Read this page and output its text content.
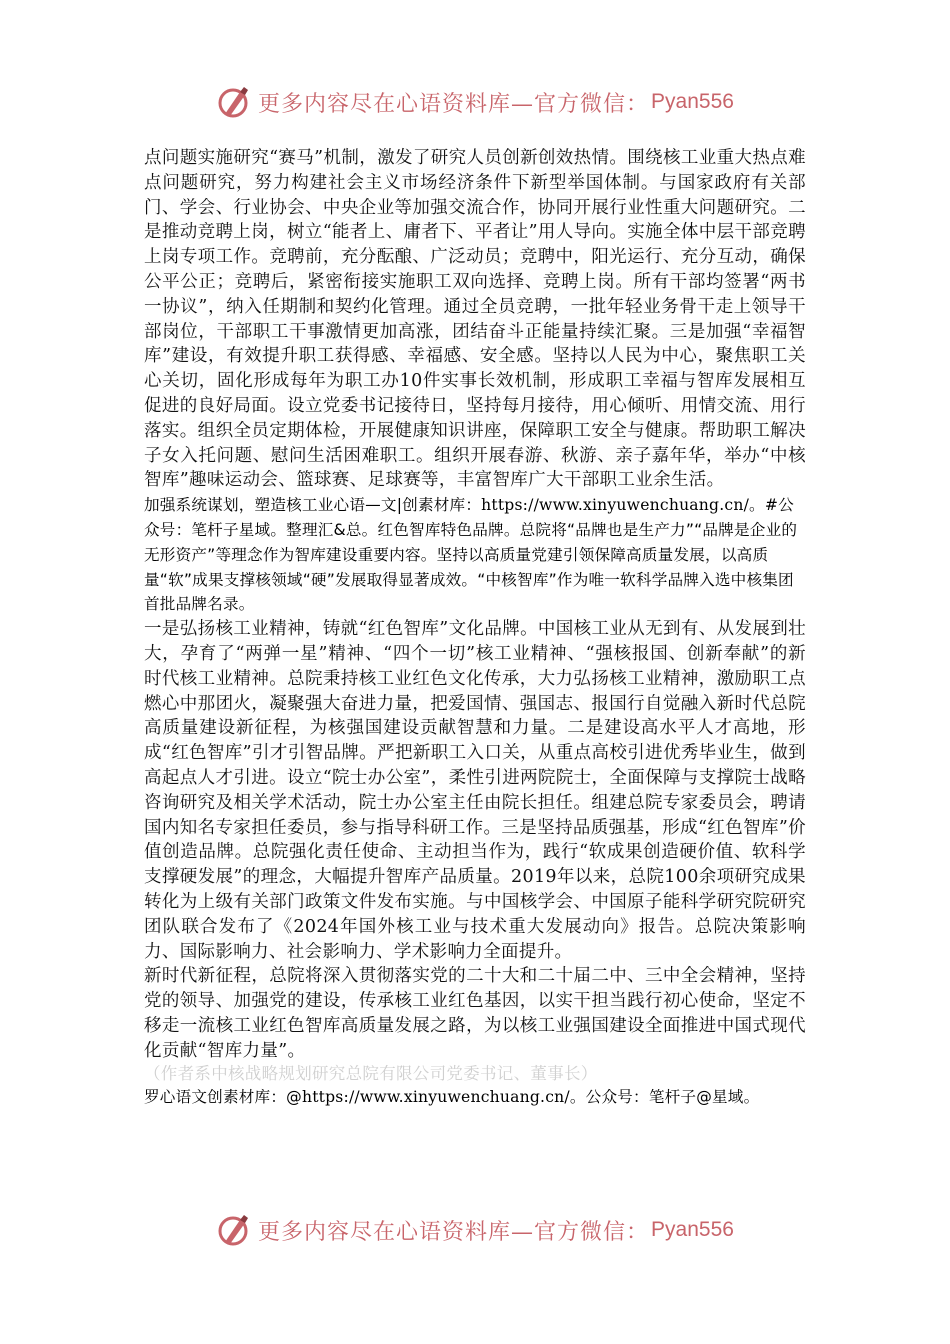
更多内容尽在心语资料库—官方微信： Pyan556

点问题实施研究“赛马”机制，激发了研究人员创新创效热情。围绕核工业重大热点难点问题研究，努力构建社会主义市场经济条件下新型举国体制。与国家政府有关部门、学会、行业协会、中央企业等加强交流合作，协同开展行业性重大问题研究。二是推动竞聘上岗，树立“能者上、庸者下、平者让”用人导向。实施全体中层干部竞聘上岗专项工作。竞聘前，充分酝酿、广泛动员；竞聘中，阳光运行、充分互动，确保公平公正；竞聘后，紧密衔接实施职工双向选择、竞聘上岗。所有干部均签署“两书一协议”，纳入任期制和契约化管理。通过全员竞聘，一批年轻业务骨干走上领导干部岗位，干部职工干事激情更加高涨，团结奋斗正能量持续汇聚。三是加强“幸福智库”建设，有效提升职工获得感、幸福感、安全感。坚持以人民为中心，聚焦职工关心关切，固化形成每年为职工办10件实事长效机制，形成职工幸福与智库发展相互促进的良好局面。设立党委书记接待日，坚持每月接待，用心倾听、用情交流、用行落实。组织全员定期体检，开展健康知识讲座，保障职工安全与健康。帮助职工解决子女入托问题、慰问生活困难职工。组织开展春游、秋游、亲子嘉年华，举办“中核智库”趣味运动会、篮球赛、足球赛等，丰富智库广大干部职工业余生活。

加强系统谋划，塑造核工业心语—文|创素材库：https://www.xinyuwenchuang.cn/。#公众号：笔杆子星域。整理汇&总。红色智库特色品牌。总院将“品牌也是生产力”“品牌是企业的无形资产”等理念作为智库建设重要内容。坚持以高质量党建引领保障高质量发展，以高质量“软”成果支撑核领域“硬”发展取得显著成效。“中核智库”作为唯一软科学品牌入选中核集团首批品牌名录。

一是弘扬核工业精神，铸就“红色智库”文化品牌。中国核工业从无到有、从发展到壮大，孕育了“两弹一星”精神、“四个一切”核工业精神、“强核报国、创新奉献”的新时代核工业精神。总院秉持核工业红色文化传承，大力弘扬核工业精神，激励职工点燃心中那团火，凝聚强大奋进力量，把爱国情、强国志、报国行自觉融入新时代总院高质量建设新征程，为核强国建设贡献智慧和力量。二是建设高水平人才高地，形成“红色智库”引才引智品牌。严把新职工入口关，从重点高校引进优秀毕业生，做到高起点人才引进。设立“院士办公室”，柔性引进两院院士，全面保障与支撑院士战略咨询研究及相关学术活动，院士办公室主任由院长担任。组建总院专家委员会，聘请国内知名专家担任委员，参与指导科研工作。三是坚持品质强基，形成“红色智库”价值创造品牌。总院强化责任使命、主动担当作为，践行“软成果创造硬价值、软科学支撑硬发展”的理念，大幅提升智库产品质量。2019年以来，总院100余项研究成果转化为上级有关部门政策文件发布实施。与中国核学会、中国原子能科学研究院研究团队联合发布了《2024年国外核工业与技术重大发展动向》报告。总院决策影响力、国际影响力、社会影响力、学术影响力全面提升。

新时代新征程，总院将深入贯彻落实党的二十大和二十届二中、三中全会精神，坚持党的领导、加强党的建设，传承核工业红色基因，以实干担当践行初心使命，坚定不移走一流核工业红色智库高质量发展之路，为以核工业强国建设全面推进中国式现代化贡献“智库力量”。

（作者系中核战略规划研究总院有限公司党委书记、董事长）

罗心语文创素材库：@https://www.xinyuwenchuang.cn/。公众号：笔杆子@星域。

更多内容尽在心语资料库—官方微信： Pyan556
